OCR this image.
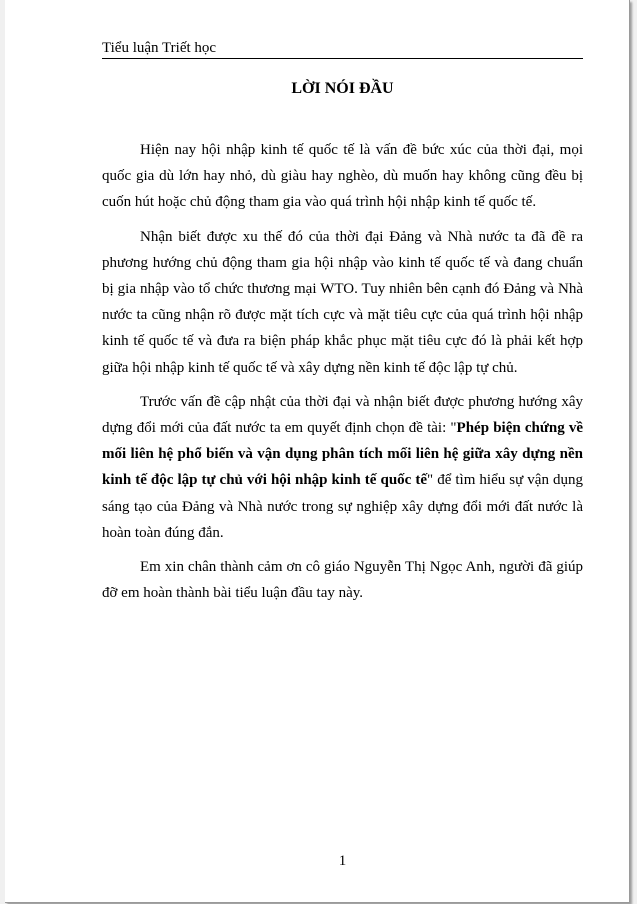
Tiểu luận Triết học
LỜI NÓI ĐẦU

Hiện nay hội nhập kinh tế quốc tế là vấn đề bức xúc của thời đại, mọi quốc gia dù lớn hay nhỏ, dù giàu hay nghèo, dù muốn hay không cũng đều bị cuốn hút hoặc chủ động tham gia vào quá trình hội nhập kinh tế quốc tế.

Nhận biết được xu thế đó của thời đại Đảng và Nhà nước ta đã đề ra phương hướng chủ động tham gia hội nhập vào kinh tế quốc tế và đang chuẩn bị gia nhập vào tổ chức thương mại WTO. Tuy nhiên bên cạnh đó Đảng và Nhà nước ta cũng nhận rõ được mặt tích cực và mặt tiêu cực của quá trình hội nhập kinh tế quốc tế và đưa ra biện pháp khắc phục mặt tiêu cực đó là phải kết hợp giữa hội nhập kinh tế quốc tế và xây dựng nền kinh tế độc lập tự chủ.

Trước vấn đề cập nhật của thời đại và nhận biết được phương hướng xây dựng đổi mới của đất nước ta em quyết định chọn đề tài: "Phép biện chứng về mối liên hệ phổ biến và vận dụng phân tích mối liên hệ giữa xây dựng nền kinh tế độc lập tự chủ với hội nhập kinh tế quốc tế" để tìm hiểu sự vận dụng sáng tạo của Đảng và Nhà nước trong sự nghiệp xây dựng đổi mới đất nước là hoàn toàn đúng đắn.

Em xin chân thành cảm ơn cô giáo Nguyễn Thị Ngọc Anh, người đã giúp đỡ em hoàn thành bài tiểu luận đầu tay này.

1
